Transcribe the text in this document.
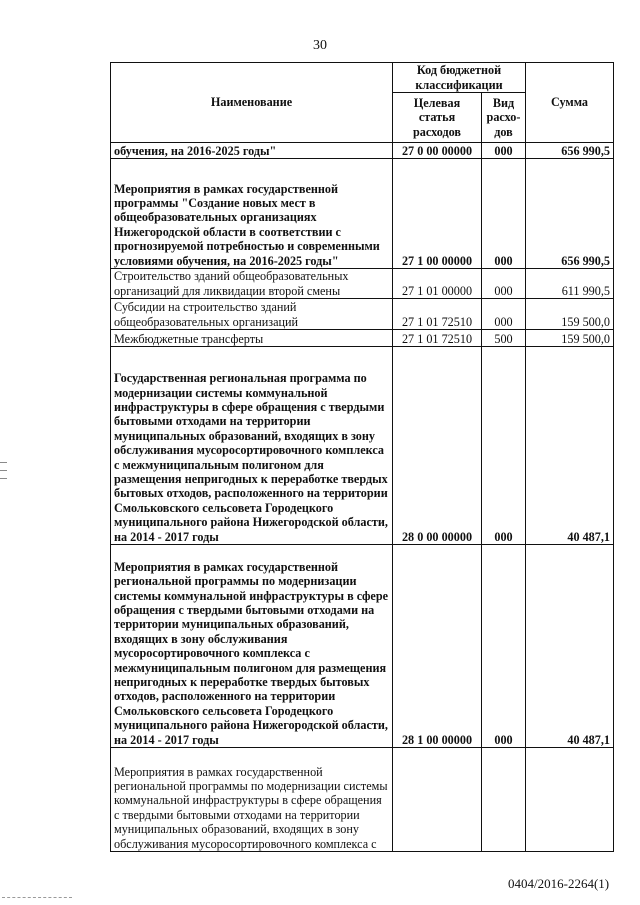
30
Наименование	Код бюджетной классификации		Сумма
	Целевая статья расходов	Вид расхо-дов	
обучения, на 2016-2025 годы"	27 0 00 00000	000	656 990,5
Мероприятия в рамках государственной программы "Создание новых мест в общеобразовательных организациях Нижегородской области в соответствии с прогнозируемой потребностью и современными условиями обучения, на 2016-2025 годы"	27 1 00 00000	000	656 990,5
Строительство зданий общеобразовательных организаций для ликвидации второй смены	27 1 01 00000	000	611 990,5
Субсидии на строительство зданий общеобразовательных организаций	27 1 01 72510	000	159 500,0
Межбюджетные трансферты	27 1 01 72510	500	159 500,0
Государственная региональная программа по модернизации системы коммунальной инфраструктуры в сфере обращения с твердыми бытовыми отходами на территории муниципальных образований, входящих в зону обслуживания мусоросортировочного комплекса с межмуниципальным полигоном для размещения непригодных к переработке твердых бытовых отходов, расположенного на территории Смольковского сельсовета Городецкого муниципального района Нижегородской области, на 2014 - 2017 годы	28 0 00 00000	000	40 487,1
Мероприятия в рамках государственной региональной программы по модернизации системы коммунальной инфраструктуры в сфере обращения с твердыми бытовыми отходами на территории муниципальных образований, входящих в зону обслуживания мусоросортировочного комплекса с межмуниципальным полигоном для размещения непригодных к переработке твердых бытовых отходов, расположенного на территории Смольковского сельсовета Городецкого муниципального района Нижегородской области, на 2014 - 2017 годы	28 1 00 00000	000	40 487,1
Мероприятия в рамках государственной региональной программы по модернизации системы коммунальной инфраструктуры в сфере обращения с твердыми бытовыми отходами на территории муниципальных образований, входящих в зону обслуживания мусоросортировочного комплекса с			
0404/2016-2264(1)
